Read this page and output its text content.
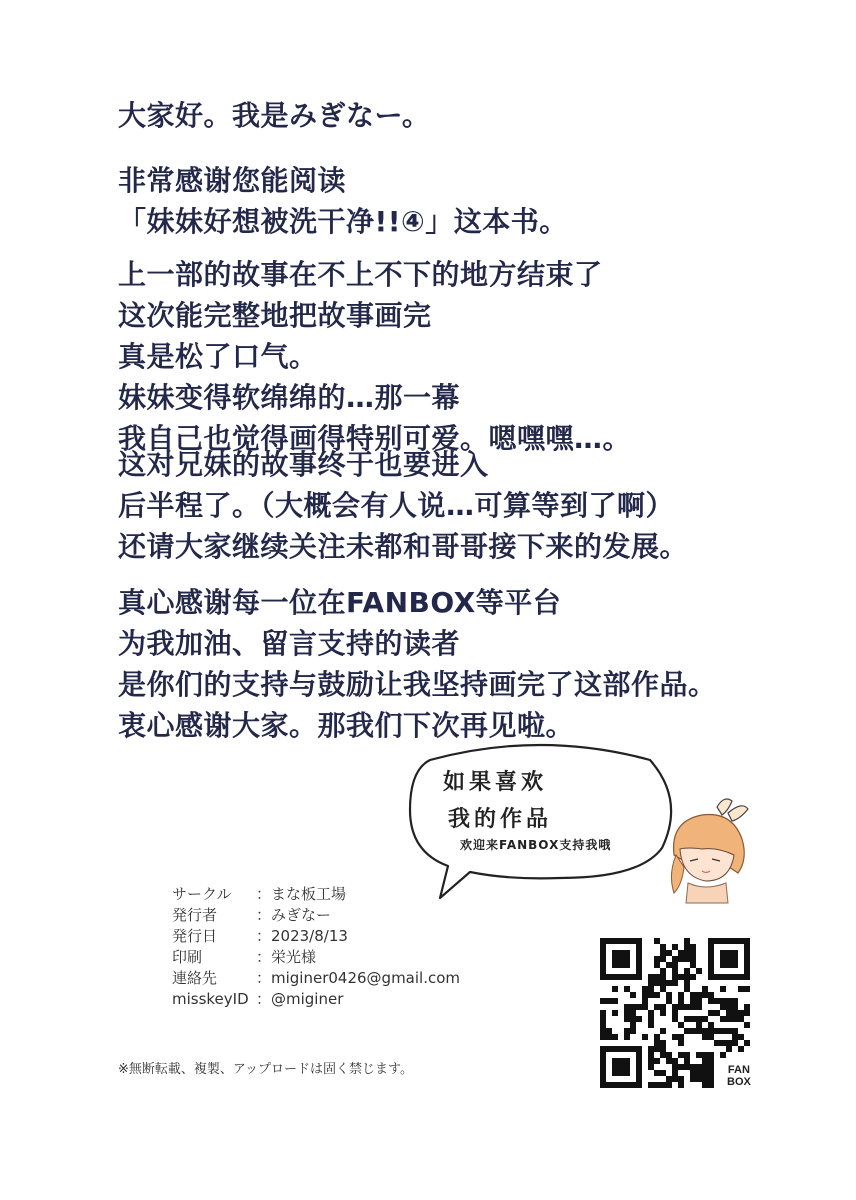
大家好。我是みぎなー。
非常感谢您能阅读
「妹妹好想被洗干净!!④」这本书。
上一部的故事在不上不下的地方结束了
这次能完整地把故事画完
真是松了口气。
妹妹变得软绵绵的…那一幕
我自己也觉得画得特别可爱。嗯嘿嘿…。
这对兄妹的故事终于也要进入
后半程了。（大概会有人说…可算等到了啊）
还请大家继续关注未都和哥哥接下来的发展。
真心感谢每一位在FANBOX等平台
为我加油、留言支持的读者
是你们的支持与鼓励让我坚持画完了这部作品。
衷心感谢大家。那我们下次再见啦。
如果喜欢
我的作品
欢迎来FANBOX支持我哦
サークル	：まな板工場
発行者	：みぎなー
発行日	：2023/8/13
印刷	：栄光様
連絡先	：miginer0426@gmail.com
misskeyID ：@miginer
※無断転載、複製、アップロードは固く禁じます。	FAN
BOX
